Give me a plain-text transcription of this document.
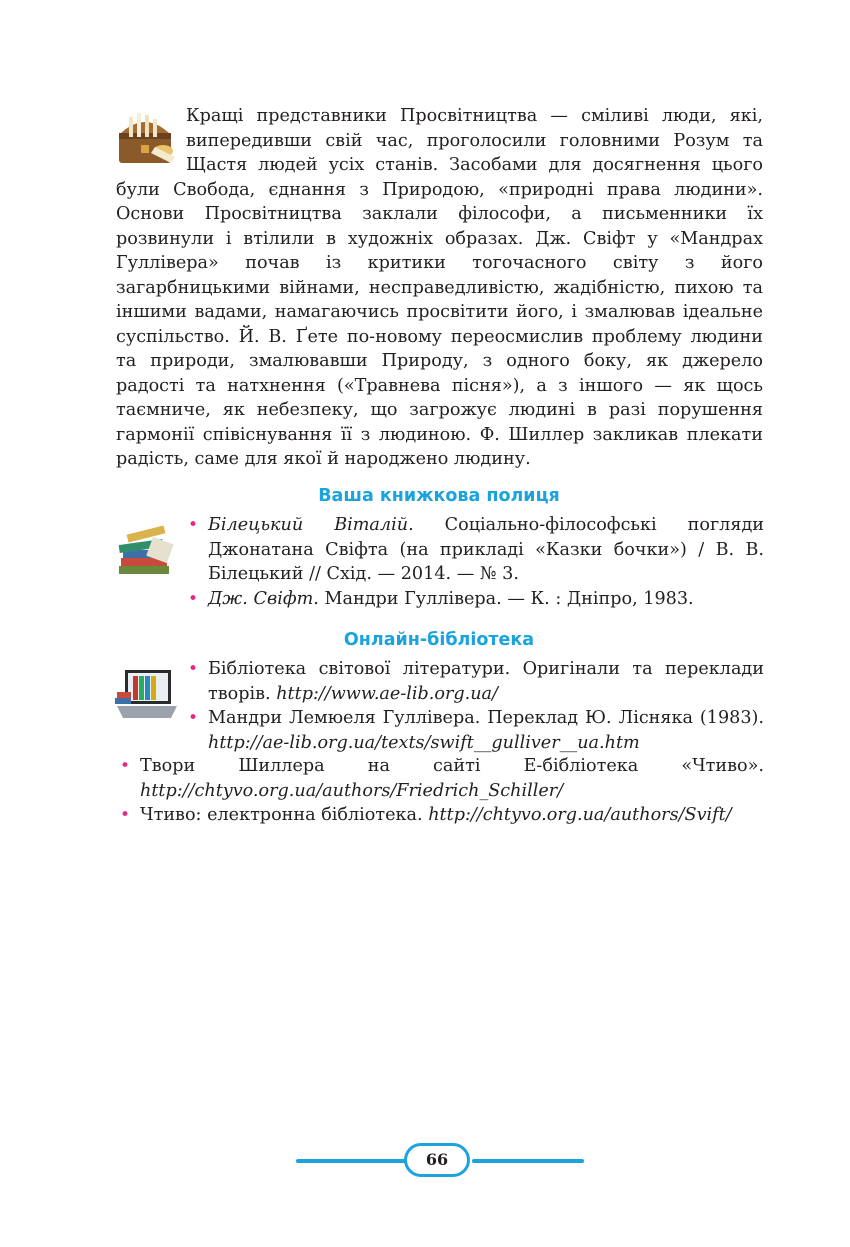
Кращі представники Просвітництва — сміливі люди, які, випередивши свій час, проголосили головними Розум та Щастя людей усіх станів. Засобами для досягнення цього були Свобода, єднання з Природою, «природні права людини». Основи Просвітництва заклали філософи, а письменники їх розвинули і втілили в художніх образах. Дж. Свіфт у «Мандрах Гуллівера» почав із критики тогочасного світу з його загарбницькими війнами, несправедливістю, жадібністю, пихою та іншими вадами, намагаючись просвітити його, і змалював ідеальне суспільство. Й. В. Ґете по-новому переосмислив проблему людини та природи, змалювавши Природу, з одного боку, як джерело радості та натхнення («Травнева пісня»), а з іншого — як щось таємниче, як небезпеку, що загрожує людині в разі порушення гармонії співіснування її з людиною. Ф. Шиллер закликав плекати радість, саме для якої й народжено людину.

Ваша книжкова полиця
• Білецький Віталій. Соціально-філософські погляди Джонатана Свіфта (на прикладі «Казки бочки») / В. В. Білецький // Схід. — 2014. — № 3.
• Дж. Свіфт. Мандри Гуллівера. — К. : Дніпро, 1983.
Онлайн-бібліотека
• Бібліотека світової літератури. Оригінали та переклади творів. http://www.ae-lib.org.ua/
• Мандри Лемюеля Гуллівера. Переклад Ю. Лісняка (1983). http://ae-lib.org.ua/texts/swift__gulliver__ua.htm
• Твори Шиллера на сайті Е-бібліотека «Чтиво». http://chtyvo.org.ua/authors/Friedrich_Schiller/
• Чтиво: електронна бібліотека. http://chtyvo.org.ua/authors/Svift/
66
